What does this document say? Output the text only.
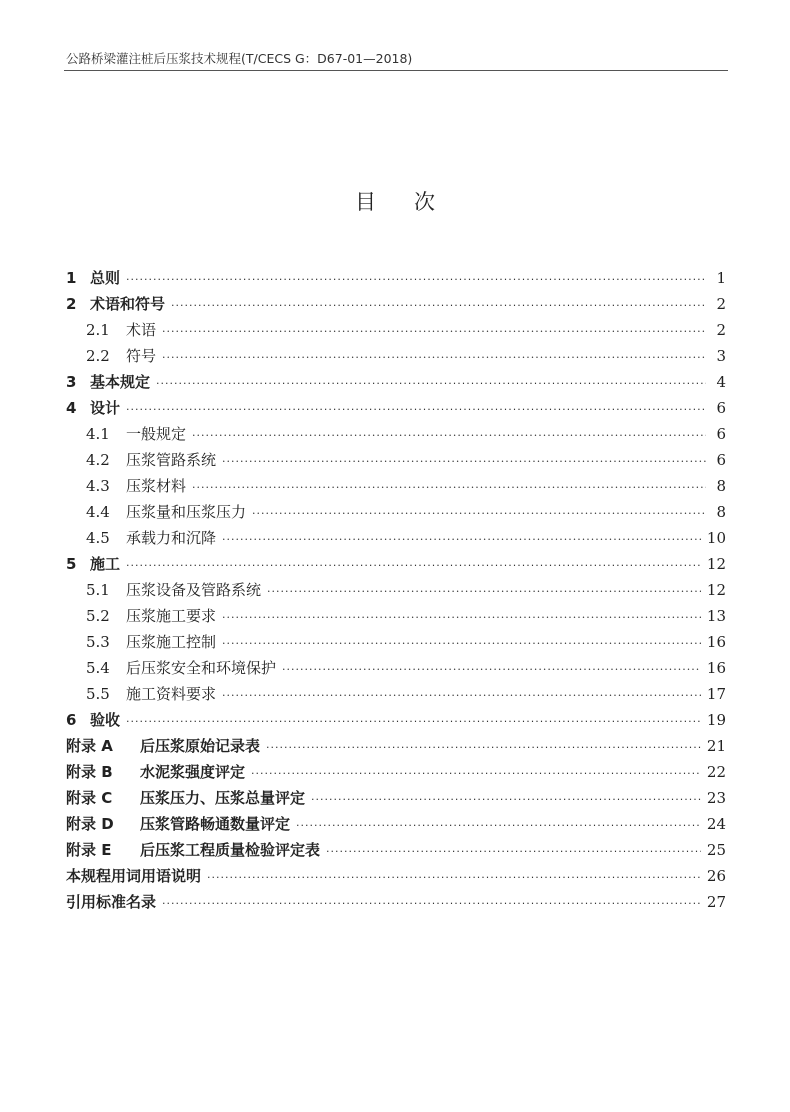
公路桥梁灌注桩后压浆技术规程(T/CECS G：D67-01—2018)
目次
1 总则 ·····	1
2 术语和符号 ·····	2
2.1	术语 ·····	2
2.2	符号 ·····	3
3 基本规定 ·····	4
4 设计 ·····	6
4.1	一般规定 ·····	6
4.2	压浆管路系统 ·····	6
4.3	压浆材料 ·····	8
4.4	压浆量和压浆压力 ·····	8
4.5	承载力和沉降 ·····	10
5 施工 ·····	12
5.1	压浆设备及管路系统 ·····	12
5.2	压浆施工要求 ·····	13
5.3	压浆施工控制 ·····	16
5.4	后压浆安全和环境保护 ·····	16
5.5	施工资料要求 ·····	17
6 验收 ·····	19
附录 A	后压浆原始记录表 ·····	21
附录 B	水泥浆强度评定 ·····	22
附录 C	压浆压力、压浆总量评定 ·····	23
附录 D	压浆管路畅通数量评定 ·····	24
附录 E	后压浆工程质量检验评定表 ·····	25
本规程用词用语说明 ·····	26
引用标准名录 ·····	27
